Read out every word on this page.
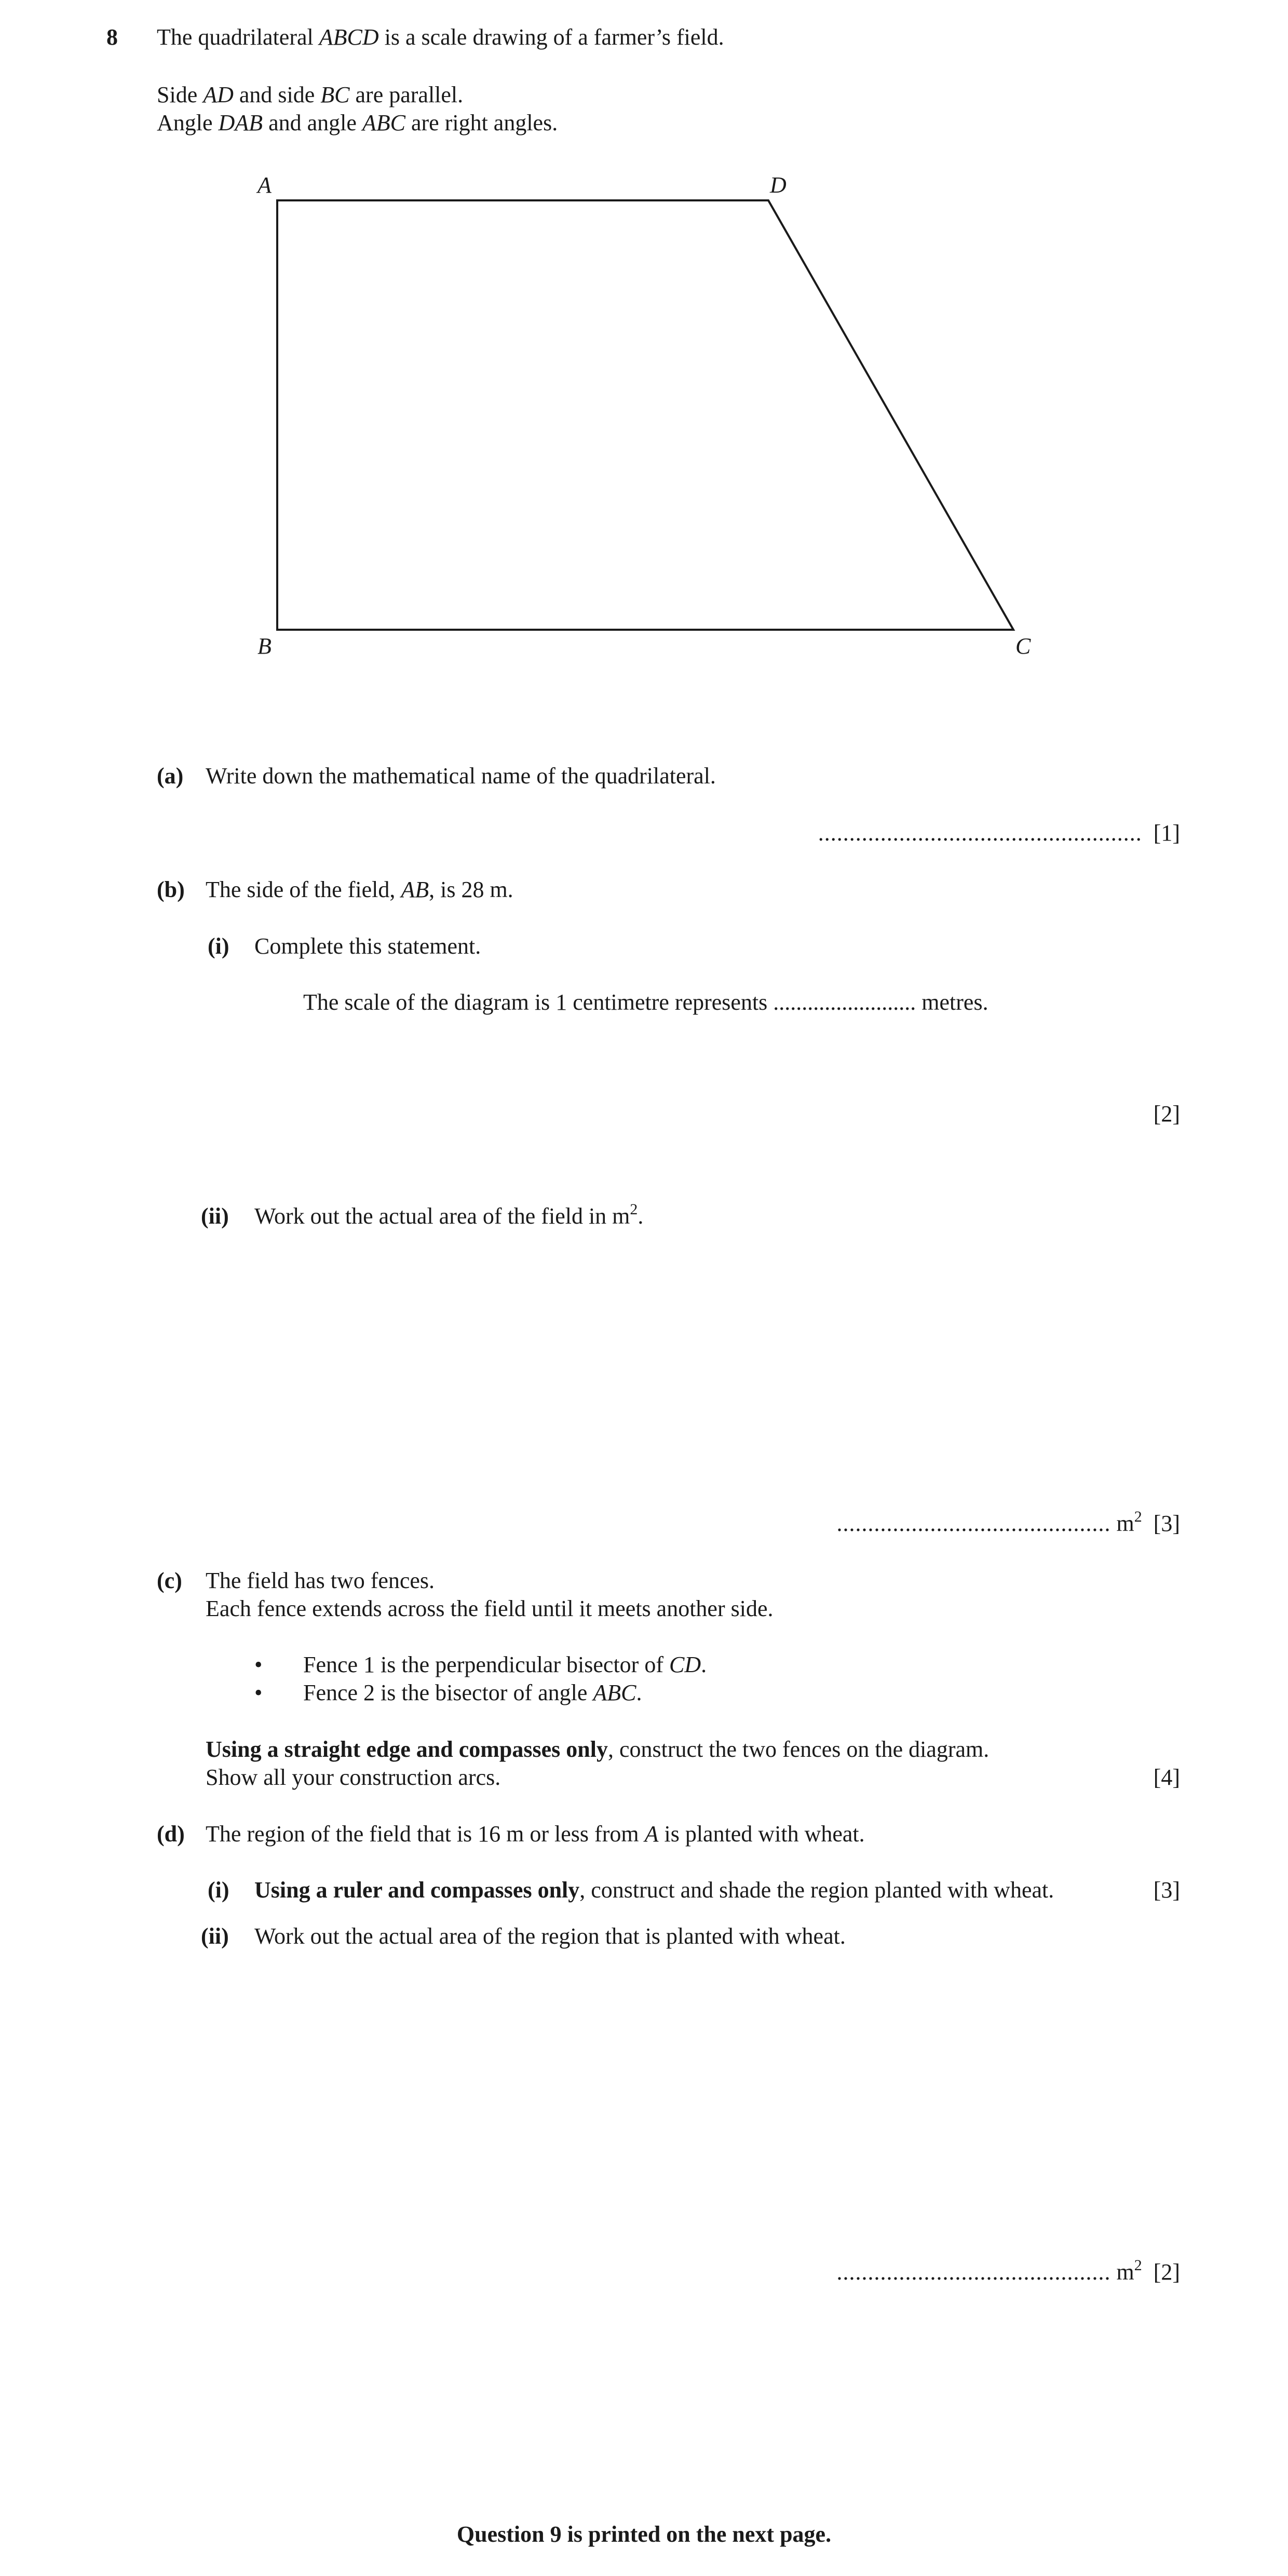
8 The quadrilateral ABCD is a scale drawing of a farmer’s field.
Side AD and side BC are parallel.
Angle DAB and angle ABC are right angles.
A	D
B	C
(a) Write down the mathematical name of the quadrilateral.
.................................................... [1]
(b) The side of the field, AB, is 28 m.
(i) Complete this statement.
The scale of the diagram is 1 centimetre represents ......................... metres.
[2]
(ii) Work out the actual area of the field in $m^2$.
............................................ $m^2$ [3]
(c) The field has two fences.
Each fence extends across the field until it meets another side.
• Fence 1 is the perpendicular bisector of CD.
• Fence 2 is the bisector of angle ABC.
Using a straight edge and compasses only, construct the two fences on the diagram.
Show all your construction arcs.	[4]
(d) The region of the field that is 16 m or less from A is planted with wheat.
(i) Using a ruler and compasses only, construct and shade the region planted with wheat.	[3]
(ii) Work out the actual area of the region that is planted with wheat.
............................................ $m^2$ [2]
Question 9 is printed on the next page.
